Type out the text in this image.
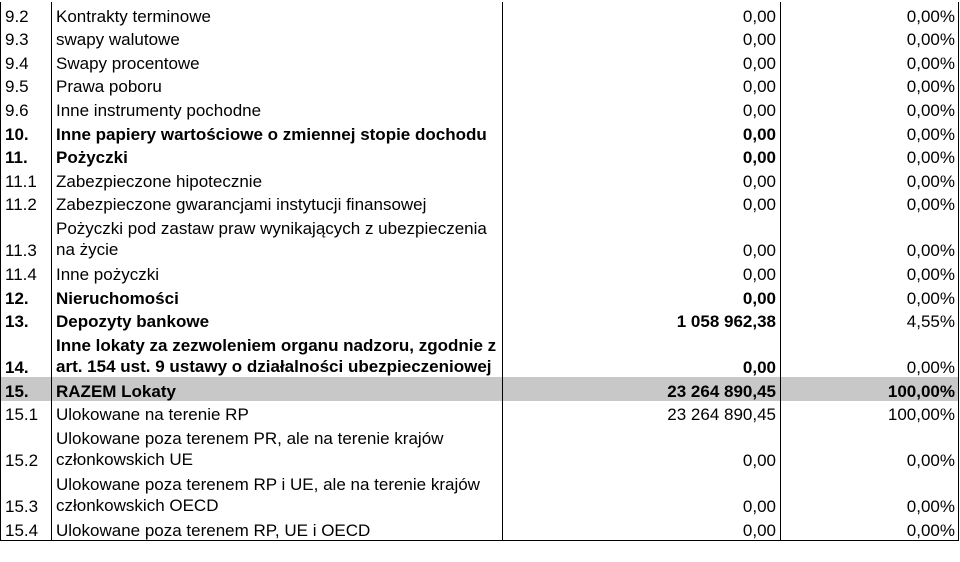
9.2	Kontrakty terminowe	0,00	0,00%
9.3	swapy walutowe	0,00	0,00%
9.4	Swapy procentowe	0,00	0,00%
9.5	Prawa poboru	0,00	0,00%
9.6	Inne instrumenty pochodne	0,00	0,00%
10.	Inne papiery wartościowe o zmiennej stopie dochodu	0,00	0,00%
11.	Pożyczki	0,00	0,00%
11.1	Zabezpieczone hipotecznie	0,00	0,00%
11.2	Zabezpieczone gwarancjami instytucji finansowej	0,00	0,00%
11.3	Pożyczki pod zastaw praw wynikających z ubezpieczenia na życie	0,00	0,00%
11.4	Inne pożyczki	0,00	0,00%
12.	Nieruchomości	0,00	0,00%
13.	Depozyty bankowe	1 058 962,38	4,55%
14.	Inne lokaty za zezwoleniem organu nadzoru, zgodnie z art. 154 ust. 9 ustawy o działalności ubezpieczeniowej	0,00	0,00%
15.	RAZEM Lokaty	23 264 890,45	100,00%
15.1	Ulokowane na terenie RP	23 264 890,45	100,00%
15.2	Ulokowane poza terenem PR, ale na terenie krajów członkowskich UE	0,00	0,00%
15.3	Ulokowane poza terenem RP i UE, ale na terenie krajów członkowskich OECD	0,00	0,00%
15.4	Ulokowane poza terenem RP, UE i OECD	0,00	0,00%
